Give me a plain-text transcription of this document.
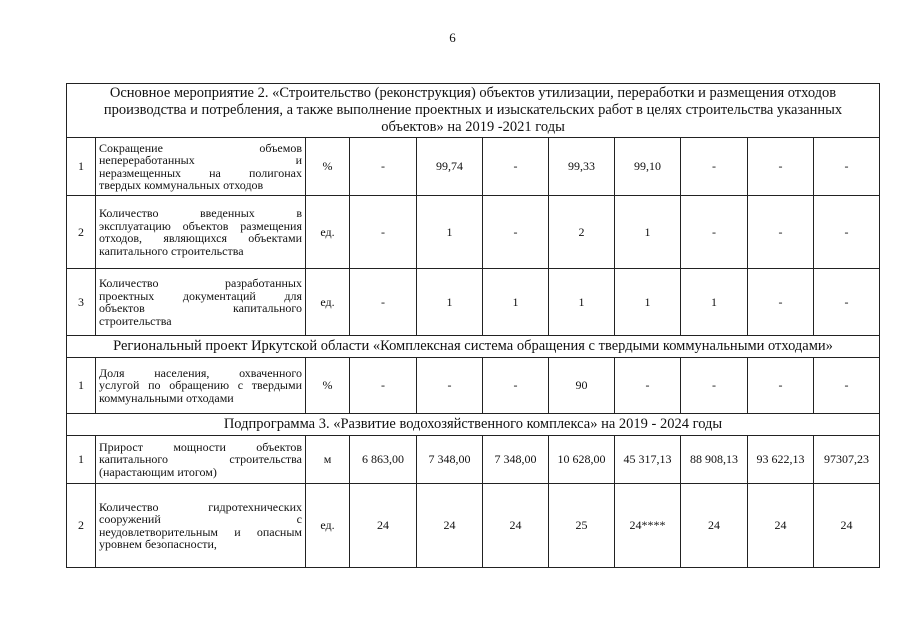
6
Основное мероприятие 2. «Строительство (реконструкция) объектов утилизации, переработки и размещения отходов производства и потребления, а также выполнение проектных и изыскательских работ в целях строительства указанных объектов» на 2019 -2021 годы										
1	Сокращение объемов
непереработанных и
неразмещенных на полигонах
твердых коммунальных отходов	%	-	99,74	-	99,33	99,10	-	-	-
2	Количество введенных в
эксплуатацию объектов размещения
отходов, являющихся объектами
капитального строительства	ед.	-	1	-	2	1	-	-	-
3	Количество разработанных
проектных документаций для
объектов капитального
строительства	ед.	-	1	1	1	1	1	-	-
Региональный проект Иркутской области «Комплексная система обращения с твердыми коммунальными отходами»										
1	Доля населения, охваченного
услугой по обращению с твердыми
коммунальными отходами	%	-	-	-	90	-	-	-	-
Подпрограмма 3. «Развитие водохозяйственного комплекса» на 2019 - 2024 годы										
1	Прирост мощности объектов
капитального строительства
(нарастающим итогом)	м	6 863,00	7 348,00	7 348,00	10 628,00	45 317,13	88 908,13	93 622,13	97307,23
2	Количество гидротехнических
сооружений с
неудовлетворительным и опасным
уровнем безопасности,	ед.	24	24	24	25	24****	24	24	24
